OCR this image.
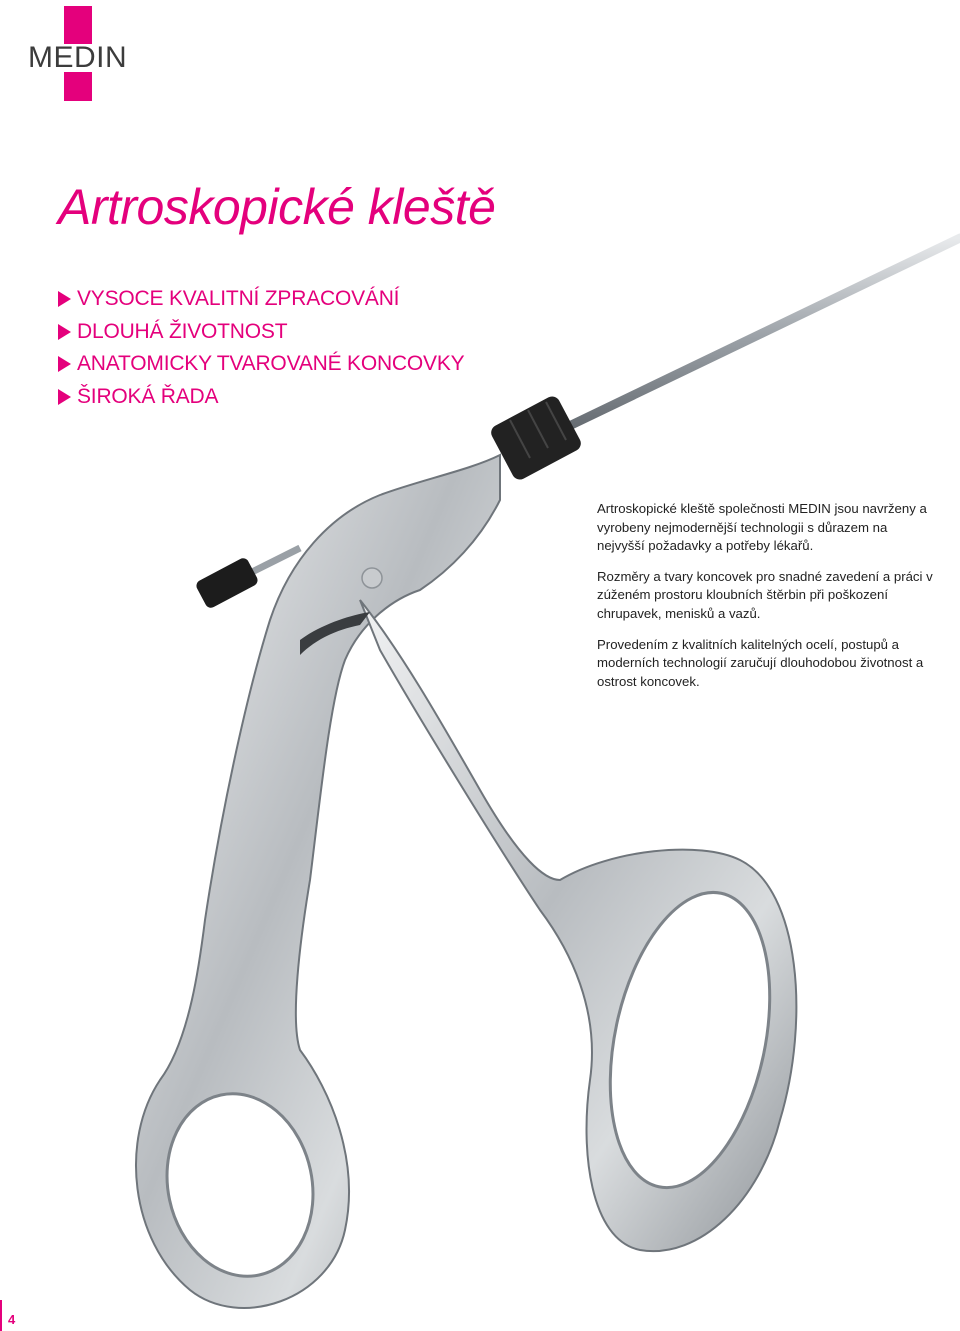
MEDIN
Artroskopické kleště
VYSOCE KVALITNÍ ZPRACOVÁNÍ
DLOUHÁ ŽIVOTNOST
ANATOMICKY TVAROVANÉ KONCOVKY
ŠIROKÁ ŘADA

Artroskopické kleště společnosti MEDIN jsou navrženy a vyrobeny nejmodernější technologii s důrazem na nejvyšší požadavky a potřeby lékařů.

Rozměry a tvary koncovek pro snadné zavedení a práci v zúženém prostoru kloubních štěrbin při poškození chrupavek, menisků a vazů.

Provedením z kvalitních kalitelných ocelí, postupů a moderních technologií zaručují dlouhodobou životnost a ostrost koncovek.

4
